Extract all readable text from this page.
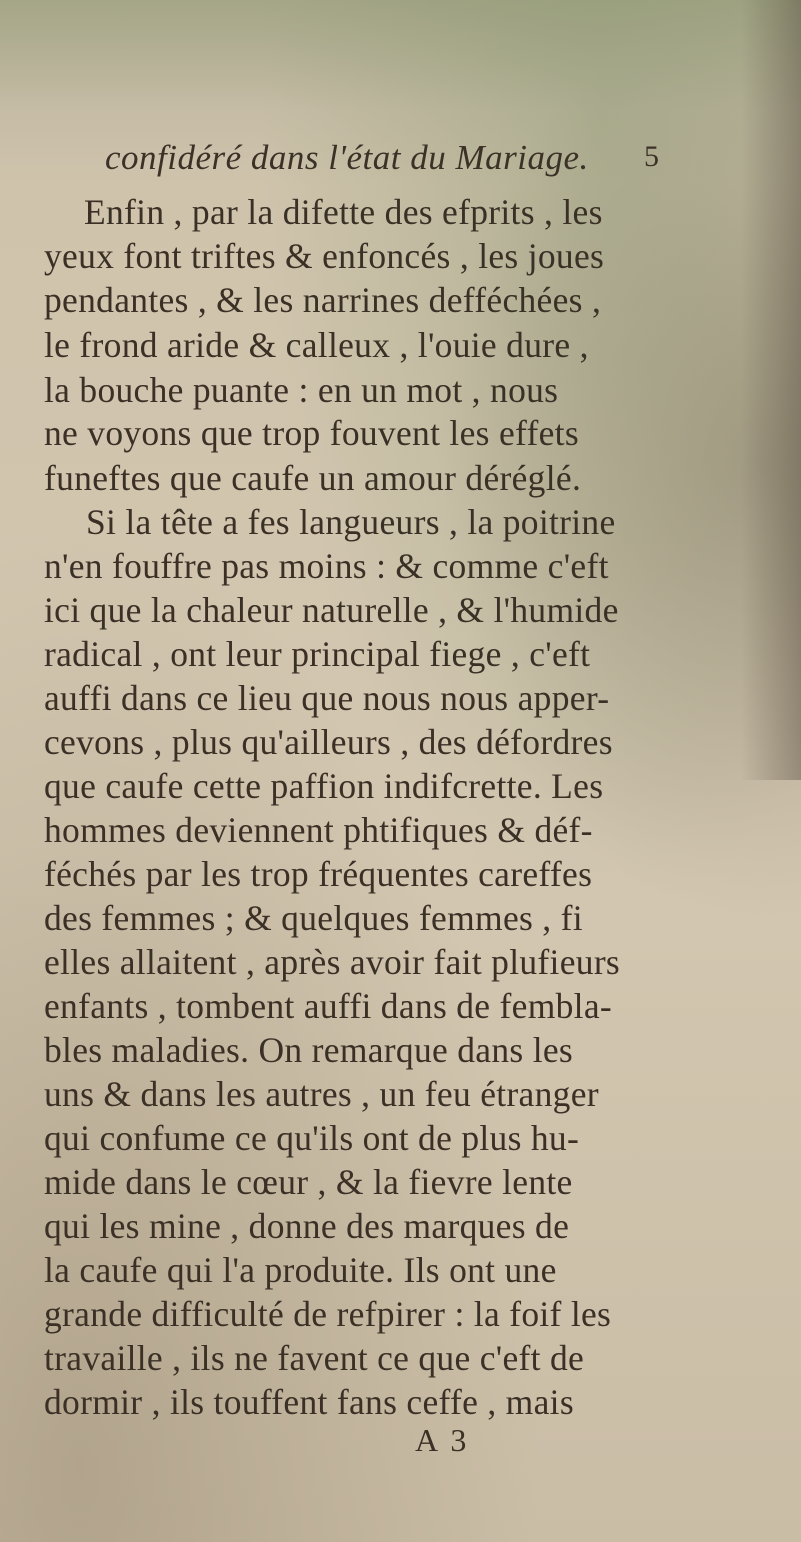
confidéré dans l'état du Mariage. 5
Enfin , par la difette des efprits , les
yeux font triftes & enfoncés , les joues
pendantes , & les narrines defféchées ,
le frond aride & calleux , l'ouie dure ,
la bouche puante : en un mot , nous
ne voyons que trop fouvent les effets
funeftes que caufe un amour déréglé.
Si la tête a fes langueurs , la poitrine
n'en fouffre pas moins : & comme c'eft
ici que la chaleur naturelle , & l'humide
radical , ont leur principal fiege , c'eft
auffi dans ce lieu que nous nous apper-
cevons , plus qu'ailleurs , des défordres
que caufe cette paffion indifcrette. Les
hommes deviennent phtifiques & déf-
féchés par les trop fréquentes careffes
des femmes ; & quelques femmes , fi
elles allaitent , après avoir fait plufieurs
enfants , tombent auffi dans de fembla-
bles maladies. On remarque dans les
uns & dans les autres , un feu étranger
qui confume ce qu'ils ont de plus hu-
mide dans le cœur , & la fievre lente
qui les mine , donne des marques de
la caufe qui l'a produite. Ils ont une
grande difficulté de refpirer : la foif les
travaille , ils ne favent ce que c'eft de
dormir , ils touffent fans ceffe , mais
A 3
